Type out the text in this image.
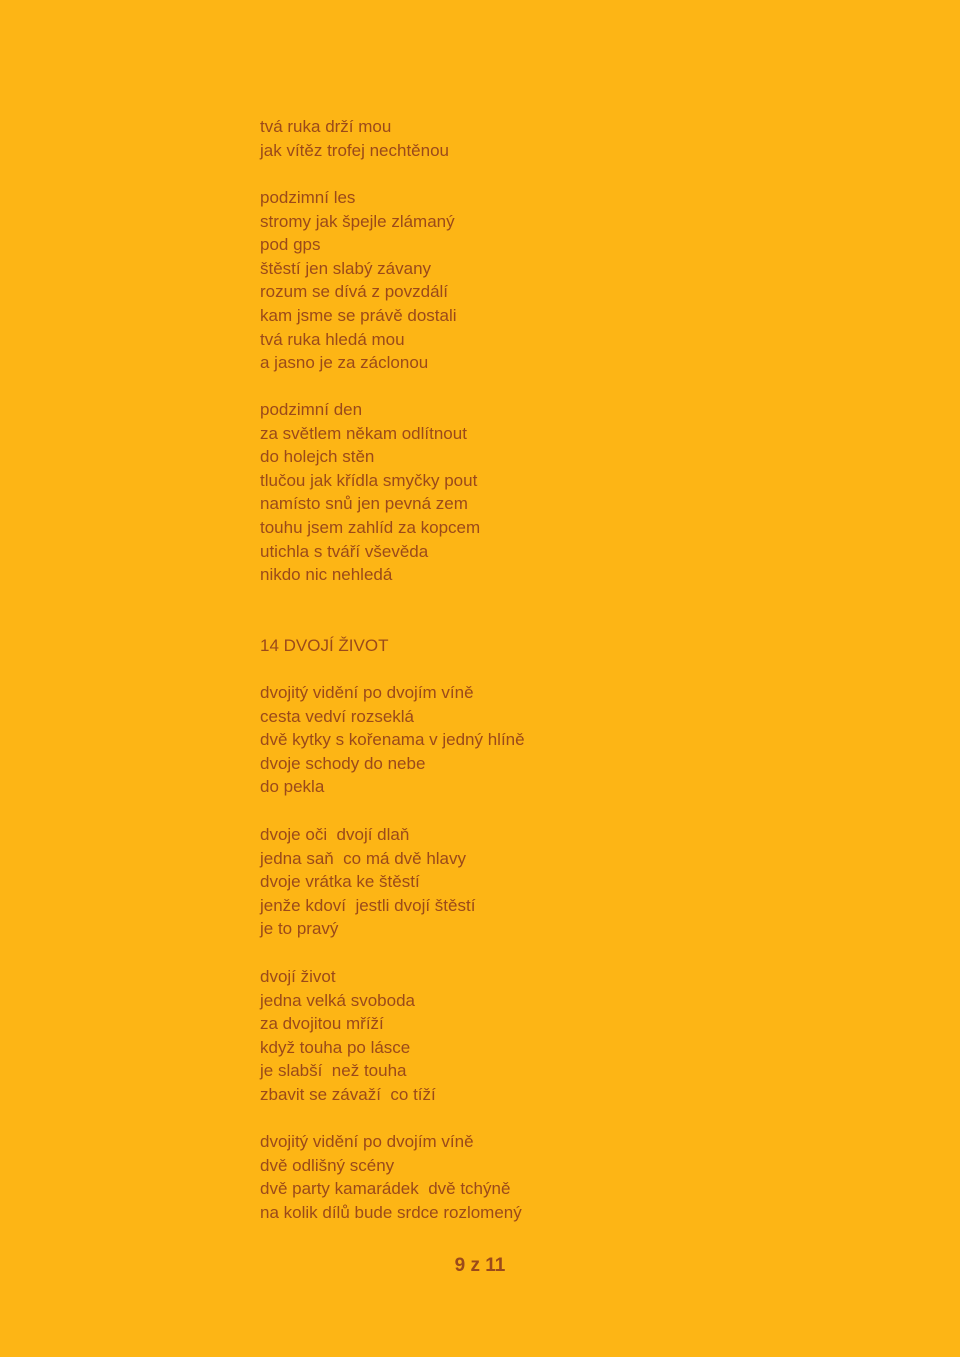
tvá ruka drží mou
jak vítěz trofej nechtěnou
podzimní les
stromy jak špejle zlámaný
pod gps
štěstí jen slabý závany
rozum se dívá z povzdálí
kam jsme se právě dostali
tvá ruka hledá mou
a jasno je za záclonou
podzimní den
za světlem někam odlítnout
do holejch stěn
tlučou jak křídla smyčky pout
namísto snů jen pevná zem
touhu jsem zahlíd za kopcem
utichla s tváří vševěda
nikdo nic nehledá
14 DVOJÍ ŽIVOT
dvojitý vidění po dvojím víně
cesta vedví rozseklá
dvě kytky s kořenama v jedný hlíně
dvoje schody do nebe
do pekla
dvoje oči  dvojí dlaň
jedna saň  co má dvě hlavy
dvoje vrátka ke štěstí
jenže kdoví  jestli dvojí štěstí
je to pravý
dvojí život
jedna velká svoboda
za dvojitou mříží
když touha po lásce
je slabší  než touha
zbavit se závaží  co tíží
dvojitý vidění po dvojím víně
dvě odlišný scény
dvě party kamarádek  dvě tchýně
na kolik dílů bude srdce rozlomený
9 z 11
